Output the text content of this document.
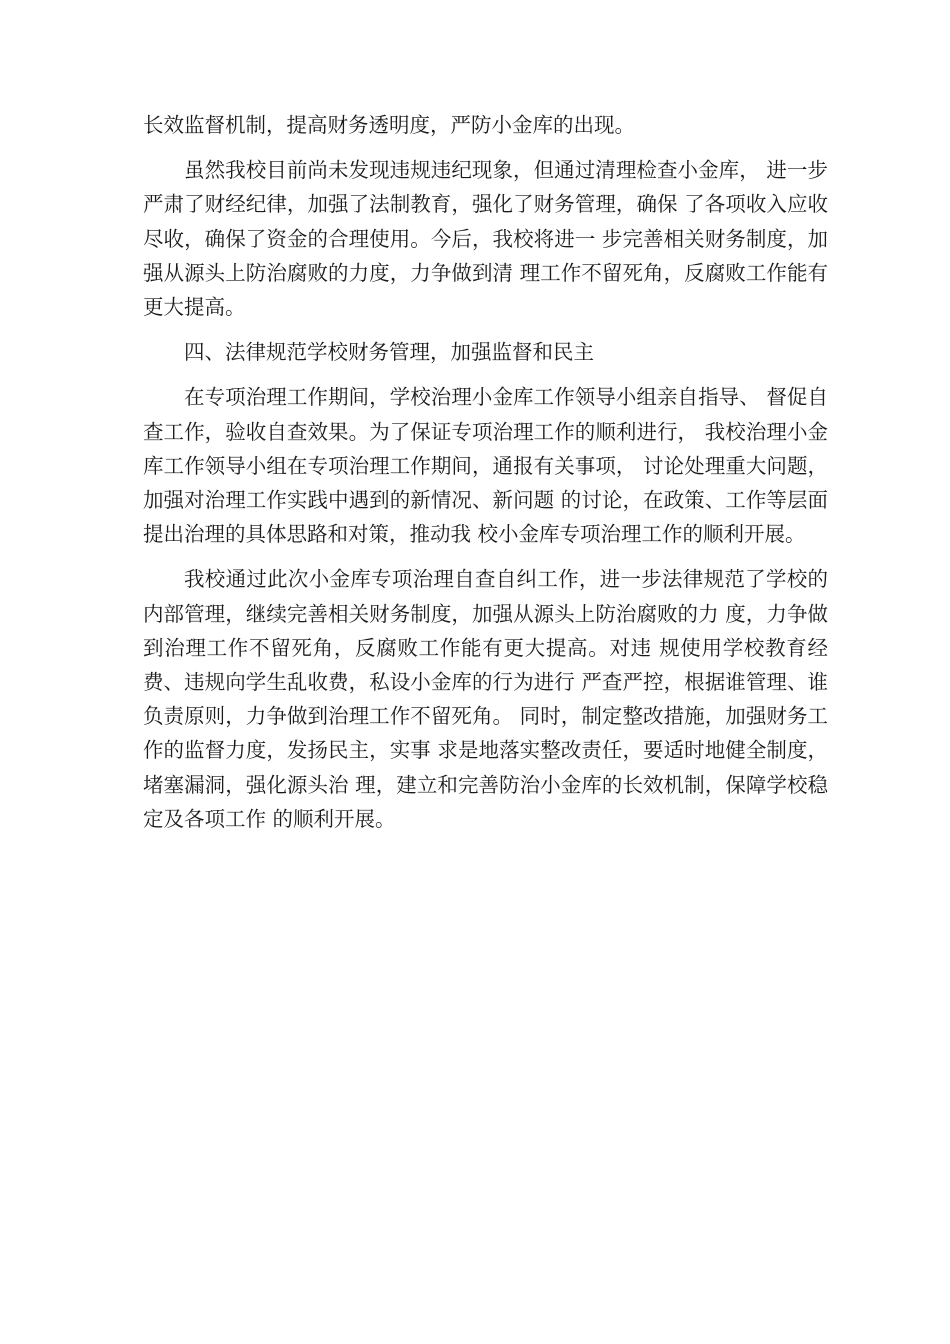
长效监督机制，提高财务透明度，严防小金库的出现。

虽然我校目前尚未发现违规违纪现象，但通过清理检查小金库， 进一步严肃了财经纪律，加强了法制教育，强化了财务管理，确保 了各项收入应收尽收，确保了资金的合理使用。今后，我校将进一 步完善相关财务制度，加强从源头上防治腐败的力度，力争做到清 理工作不留死角，反腐败工作能有更大提高。

四、法律规范学校财务管理，加强监督和民主

在专项治理工作期间，学校治理小金库工作领导小组亲自指导、 督促自查工作，验收自查效果。为了保证专项治理工作的顺利进行， 我校治理小金库工作领导小组在专项治理工作期间，通报有关事项， 讨论处理重大问题，加强对治理工作实践中遇到的新情况、新问题 的讨论，在政策、工作等层面提出治理的具体思路和对策，推动我 校小金库专项治理工作的顺利开展。

我校通过此次小金库专项治理自查自纠工作，进一步法律规范了学校的内部管理，继续完善相关财务制度，加强从源头上防治腐败的力 度，力争做到治理工作不留死角，反腐败工作能有更大提高。对违 规使用学校教育经费、违规向学生乱收费，私设小金库的行为进行 严查严控，根据谁管理、谁负责原则，力争做到治理工作不留死角。 同时，制定整改措施，加强财务工作的监督力度，发扬民主，实事 求是地落实整改责任，要适时地健全制度，堵塞漏洞，强化源头治 理，建立和完善防治小金库的长效机制，保障学校稳定及各项工作 的顺利开展。
